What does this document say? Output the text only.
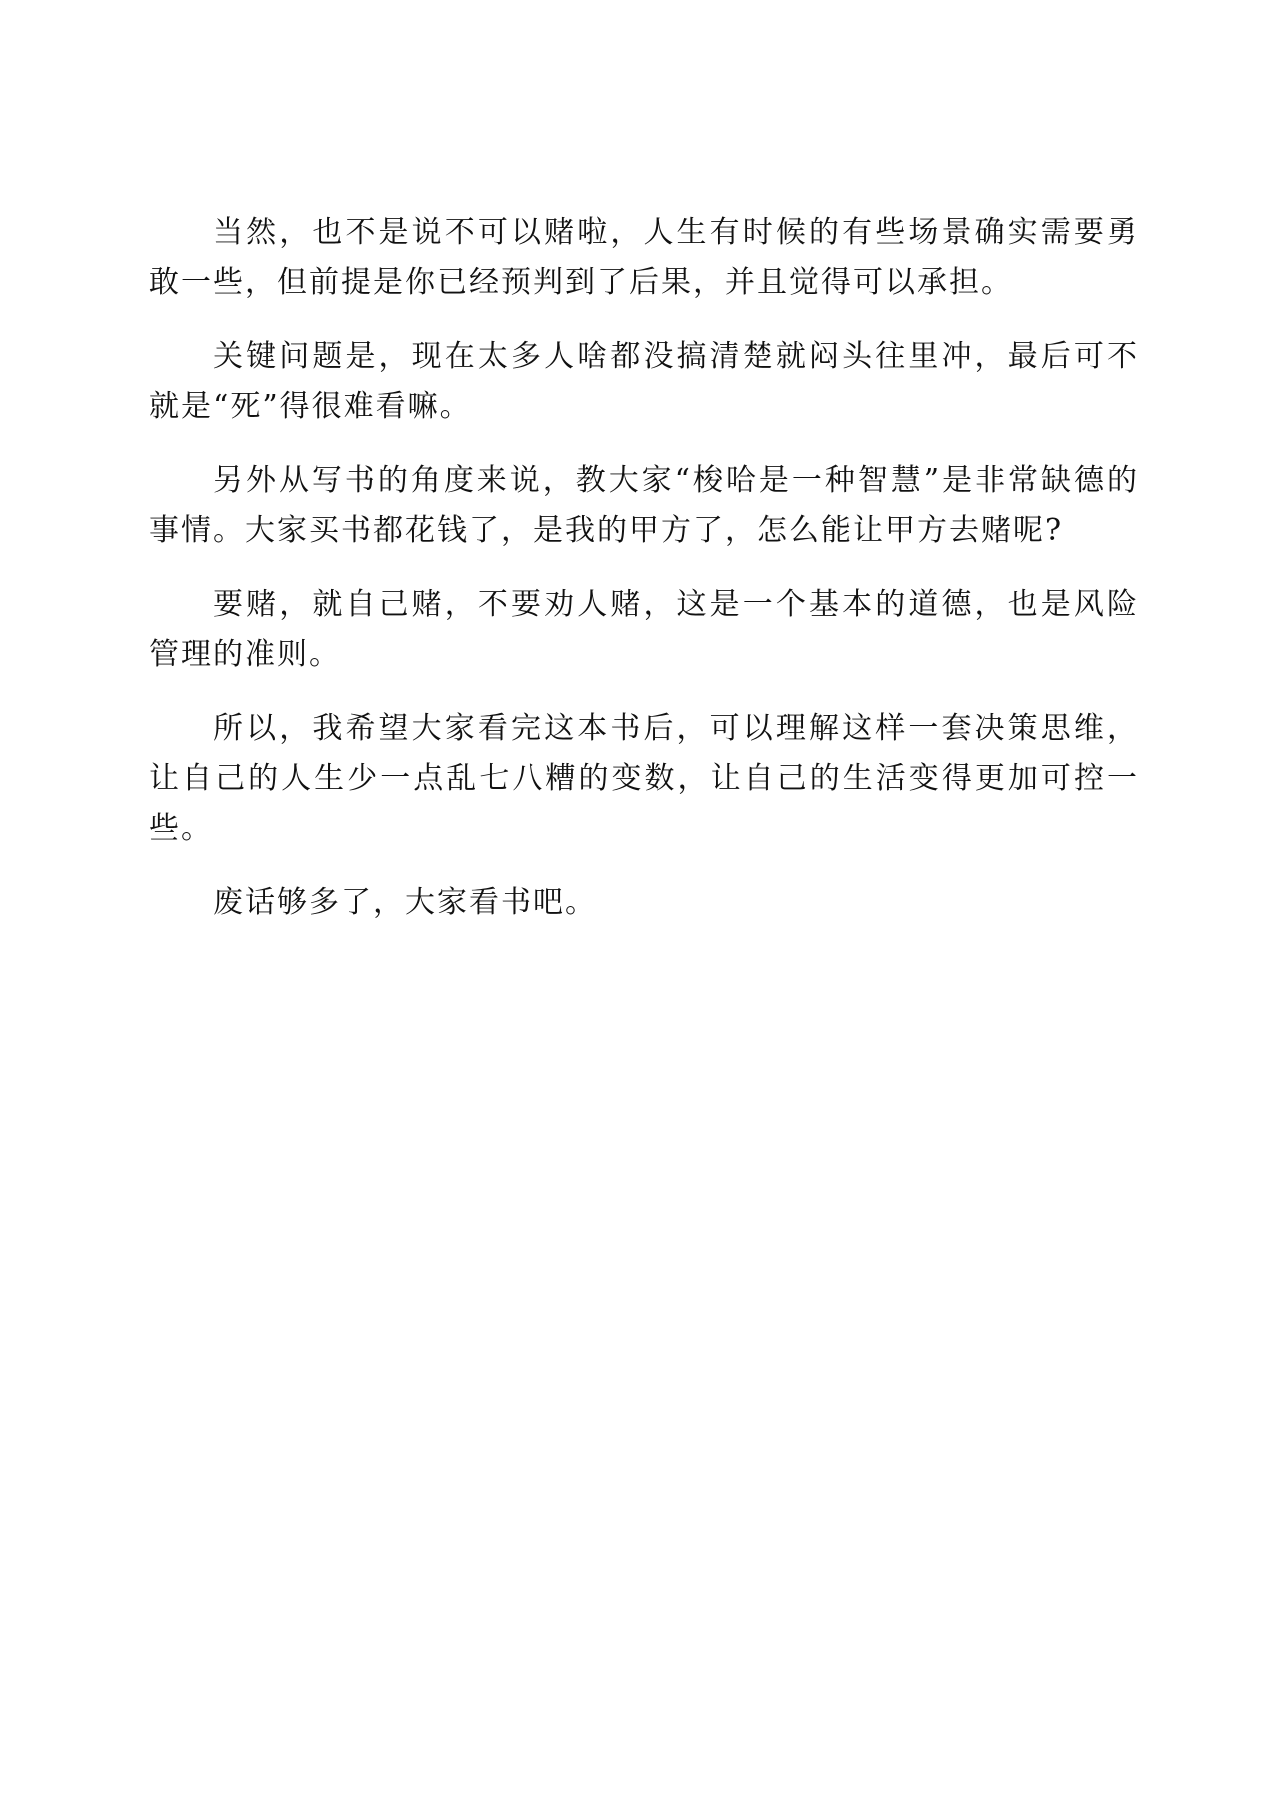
当然，也不是说不可以赌啦，人生有时候的有些场景确实需要勇敢一些，但前提是你已经预判到了后果，并且觉得可以承担。

关键问题是，现在太多人啥都没搞清楚就闷头往里冲，最后可不就是“死”得很难看嘛。

另外从写书的角度来说，教大家“梭哈是一种智慧”是非常缺德的事情。大家买书都花钱了，是我的甲方了，怎么能让甲方去赌呢?

要赌，就自己赌，不要劝人赌，这是一个基本的道德，也是风险管理的准则。

所以，我希望大家看完这本书后，可以理解这样一套决策思维，让自己的人生少一点乱七八糟的变数，让自己的生活变得更加可控一些。

废话够多了，大家看书吧。
